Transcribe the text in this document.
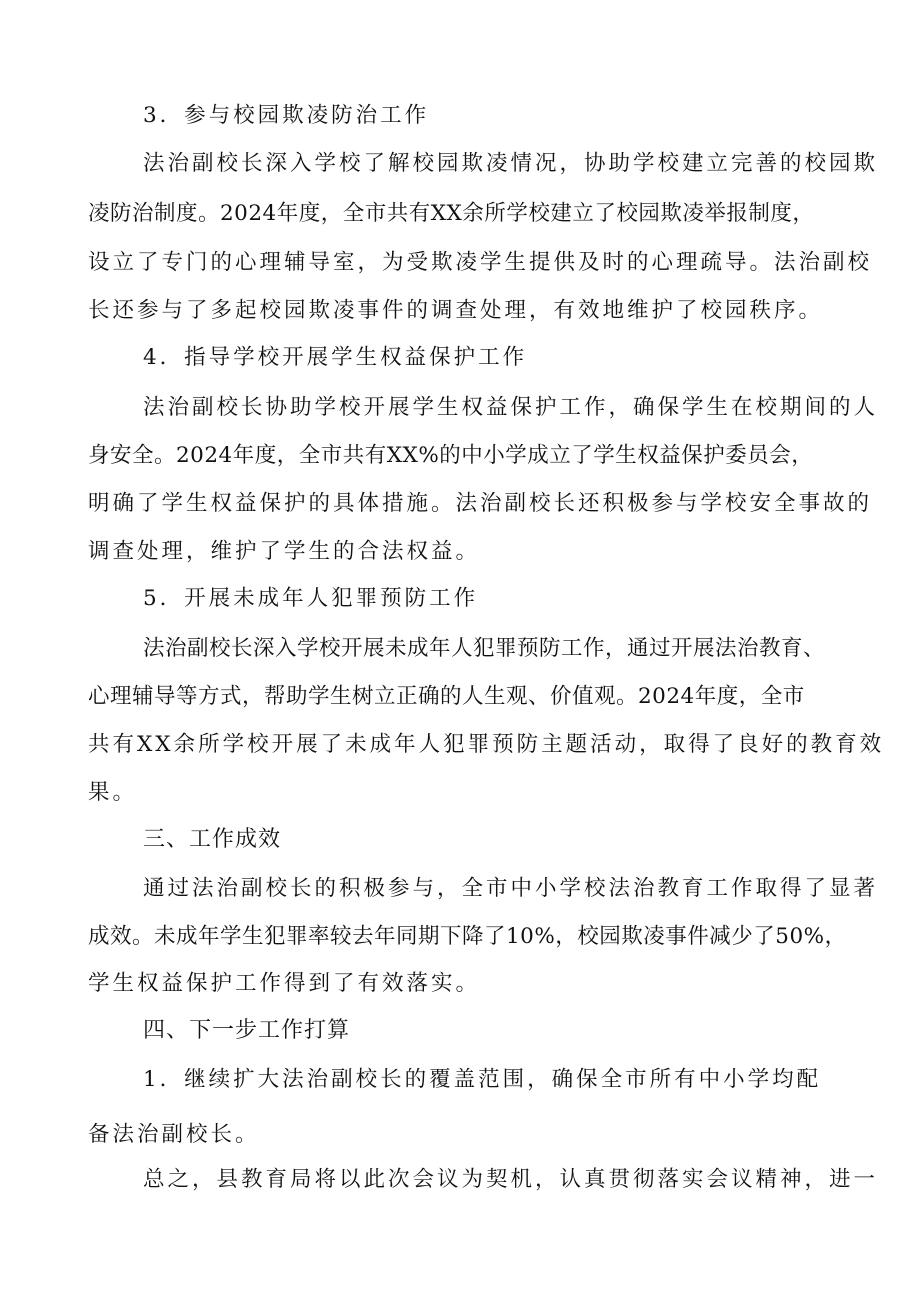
3．参与校园欺凌防治工作
法治副校长深入学校了解校园欺凌情况，协助学校建立完善的校园欺
凌防治制度。2024年度，全市共有XX余所学校建立了校园欺凌举报制度，
设立了专门的心理辅导室，为受欺凌学生提供及时的心理疏导。法治副校
长还参与了多起校园欺凌事件的调查处理，有效地维护了校园秩序。
4．指导学校开展学生权益保护工作
法治副校长协助学校开展学生权益保护工作，确保学生在校期间的人
身安全。2024年度，全市共有XX%的中小学成立了学生权益保护委员会，
明确了学生权益保护的具体措施。法治副校长还积极参与学校安全事故的
调查处理，维护了学生的合法权益。
5．开展未成年人犯罪预防工作
法治副校长深入学校开展未成年人犯罪预防工作，通过开展法治教育、
心理辅导等方式，帮助学生树立正确的人生观、价值观。2024年度，全市
共有XX余所学校开展了未成年人犯罪预防主题活动，取得了良好的教育效
果。
三、工作成效
通过法治副校长的积极参与，全市中小学校法治教育工作取得了显著
成效。未成年学生犯罪率较去年同期下降了10%，校园欺凌事件减少了50%，
学生权益保护工作得到了有效落实。
四、下一步工作打算
1．继续扩大法治副校长的覆盖范围，确保全市所有中小学均配
备法治副校长。
总之，县教育局将以此次会议为契机，认真贯彻落实会议精神，进一
